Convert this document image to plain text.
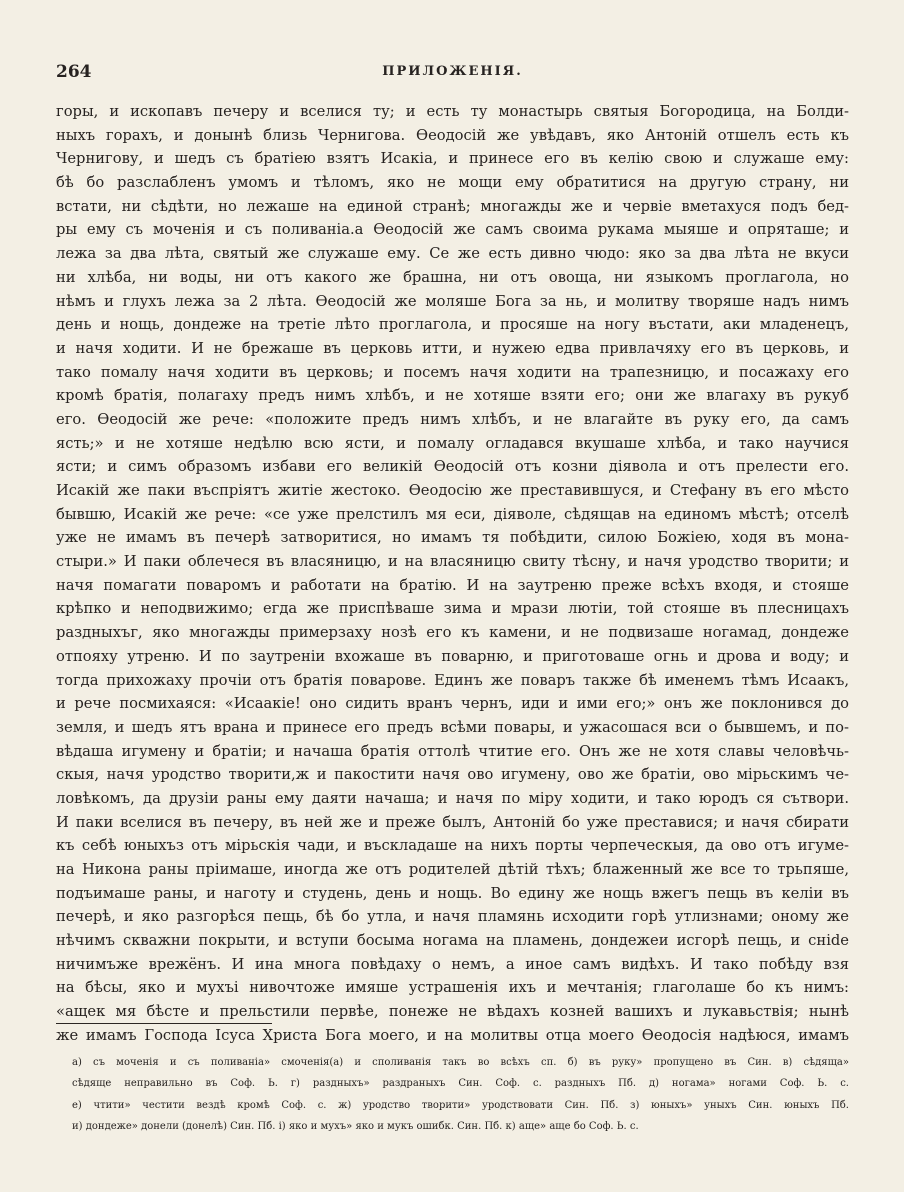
264	ПРИЛОЖЕНІЯ.
горы, и ископавъ печеру и вселися ту; и есть ту монастырь святыя Богородица, на Болди-
ныхъ горахъ, и донынѣ близь Чернигова. Ѳеодосій же увѣдавъ, яко Антоній отшелъ есть къ
Чернигову, и шедъ съ братіею взятъ Исакіа, и принесе его въ келію свою и служаше ему:
бѣ бо разслабленъ умомъ и тѣломъ, яко не мощи ему обратитися на другую страну, ни
встати, ни сѣдѣти, но лежаше на единой странѣ; многажды же и червіе вметахуся подъ бед-
ры ему съ моченія и съ поливаніа.а Ѳеодосій же самъ своима рукама мыяше и опряташе; и
лежа за два лѣта, святый же служаше ему. Се же есть дивно чюдо: яко за два лѣта не вкуси
ни хлѣба, ни воды, ни отъ какого же брашна, ни отъ овоща, ни языкомъ проглагола, но
нѣмъ и глухъ лежа за 2 лѣта. Ѳеодосій же моляше Бога за нь, и молитву творяше надъ нимъ
день и нощь, дондеже на третіе лѣто проглагола, и просяше на ногу въстати, аки младенецъ,
и начя ходити. И не брежаше въ церковь итти, и нужею едва привлачяху его въ церковь, и
тако помалу начя ходити въ церковь; и посемъ начя ходити на трапезницю, и посажаху его
кромѣ братія, полагаху предъ нимъ хлѣбъ, и не хотяше взяти его; они же влагаху въ рукуб
его. Ѳеодосій же рече: «положите предъ нимъ хлѣбъ, и не влагайте въ руку его, да самъ
ясть;» и не хотяше недѣлю всю ясти, и помалу огладався вкушаше хлѣба, и тако научися
ясти; и симъ образомъ избави его великій Ѳеодосій отъ козни діявола и отъ прелести его.
Исакій же паки въспріятъ житіе жестоко. Ѳеодосію же преставившуся, и Стефану въ его мѣсто
бывшю, Исакій же рече: «се уже прелстилъ мя еси, діяволе, сѣдящав на единомъ мѣстѣ; отселѣ
уже не имамъ въ печерѣ затворитися, но имамъ тя побѣдити, силою Божіею, ходя въ мона-
стыри.» И паки облечеся въ власяницю, и на власяницю свиту тѣсну, и начя уродство творити; и
начя помагати поваромъ и работати на братію. И на заутреню преже всѣхъ входя, и стояше
крѣпко и неподвижимо; егда же приспѣваше зима и мрази лютіи, той стояше въ плесницахъ
раздныхъг, яко многажды примерзаху нозѣ его къ камени, и не подвизаше ногамад, дондеже
отпояху утреню. И по заутреніи вхожаше въ поварню, и приготоваше огнь и дрова и воду; и
тогда прихожаху прочіи отъ братія поварове. Единъ же поваръ также бѣ именемъ тѣмъ Исаакъ,
и рече посмихаяся: «Исаакіе! оно сидить вранъ чернъ, иди и ими его;» онъ же поклонився до
земля, и шедъ ятъ врана и принесе его предъ всѣми повары, и ужасошася вси о бывшемъ, и по-
вѣдаша игумену и братіи; и начаша братія оттолѣ чтитие его. Онъ же не хотя славы человѣчь-
скыя, начя уродство творити,ж и пакостити начя ово игумену, ово же братіи, ово мірьскимъ че-
ловѣкомъ, да друзіи раны ему даяти начаша; и начя по міру ходити, и тако юродъ ся сътвори.
И паки вселися въ печеру, въ ней же и преже былъ, Антоній бо уже преставися; и начя сбирати
къ себѣ юныхъз отъ мірьскія чади, и въскладаше на нихъ порты черпеческыя, да ово отъ игуме-
на Никона раны пріимаше, иногда же отъ родителей дѣтій тѣхъ; блаженный же все то трьпяше,
подъимаше раны, и наготу и студень, день и нощь. Во едину же нощь вжегъ пещь въ келіи въ
печерѣ, и яко разгорѣся пещь, бѣ бо утла, и начя пламянь исходити горѣ утлизнами; оному же
нѣчимъ скважни покрыти, и вступи босыма ногама на пламень, дондежеи исгорѣ пещь, и снide
ничимъже врежёнъ. И ина многа повѣдаху о немъ, а иное самъ видѣхъ. И тако побѣду взя
на бѣсы, яко и мухъі нивочтоже имяше устрашенія ихъ и мечтанія; глаголаше бо къ нимъ:
«ащек мя бѣсте и прельстили первѣе, понеже не вѣдахъ козней вашихъ и лукавьствія; нынѣ
же имамъ Господа Ісуса Христа Бога моего, и на молитвы отца моего Ѳеодосія надѣюся, имамъ
а) съ моченія и съ поливаніа» смоченія(а) и споливанія такъ во всѣхъ сп. б) въ руку» пропущено въ Син. в) сѣдяща»
сѣдяще неправильно въ Соф. Ь. г) раздныхъ» раздраныхъ Син. Соф. с. раздныхъ Пб. д) ногама» ногами Соф. Ь. с.
е) чтити» честити вездѣ кромѣ Соф. с. ж) уродство творити» уродствовати Син. Пб. з) юныхъ» уныхъ Син. юныхъ Пб.
и) дондеже» донели (донелѣ) Син. Пб. і) яко и мухъ» яко и мукъ ошибк. Син. Пб. к) аще» аще бо Соф. Ь. с.
